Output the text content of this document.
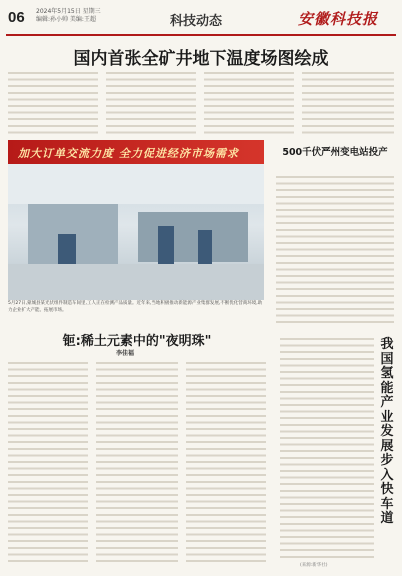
06 2024年5月15日 星期三
编辑:孙小帅 美编:王超	科技动态	安徽科技报
国内首张全矿井地下温度场图绘成
加大订单交流力度 全力促进经济市场需求
5月27日,蒙城县某光伏组件制造车间里,工人正在检测产品质量。近年来,当地积极推动新能源产业集群发展,不断优化营商环境,助力企业扩大产能、拓展市场。
钷:稀土元素中的"夜明珠"
李佳福
500千伏严州变电站投产
我国氢能产业发展步入快车道
(来源:新华社)
